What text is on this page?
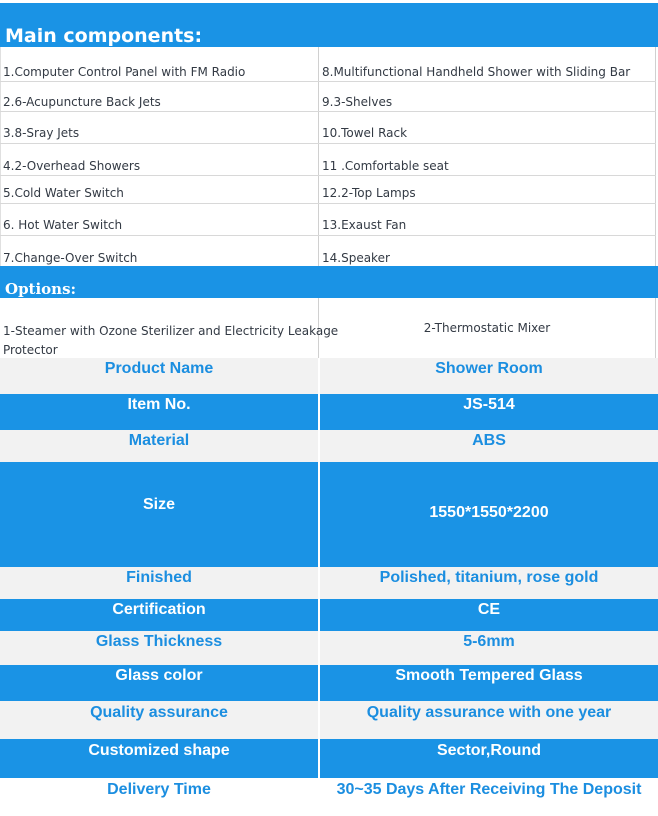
Main components:
1.Computer Control Panel with FM Radio	8.Multifunctional Handheld Shower with Sliding Bar
2.6-Acupuncture Back Jets	9.3-Shelves
3.8-Sray Jets	10.Towel Rack
4.2-Overhead Showers	11 .Comfortable seat
5.Cold Water Switch	12.2-Top Lamps
6. Hot Water Switch	13.Exaust Fan
7.Change-Over Switch	14.Speaker
Options:
1-Steamer with Ozone Sterilizer and Electricity Leakage
Protector
2-Thermostatic Mixer
Product Name	Shower Room
Item No.	JS-514
Material	ABS
Size	1550*1550*2200
Finished	Polished, titanium, rose gold
Certification	CE
Glass Thickness	5-6mm
Glass color	Smooth Tempered Glass
Quality assurance	Quality assurance with one year
Customized shape	Sector,Round
Delivery Time	30~35 Days After Receiving The Deposit
